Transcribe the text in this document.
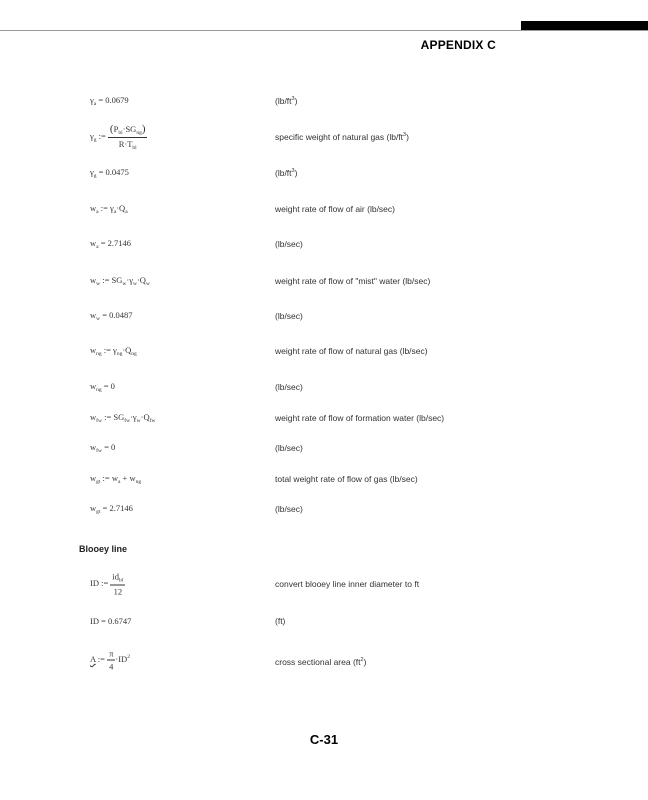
APPENDIX C
$\gamma_a = 0.0679$	$(lb/ft^3)$
$\gamma_g$ := $\frac{(P_{bl}\cdot SG_{ng})}{R\cdot T_{bl}}$	specific weight of natural gas $(lb/ft^3)$
$\gamma_g = 0.0475$	$(lb/ft^3)$
$w_a$ := $\gamma_a\cdot Q_a$	weight rate of flow of air (lb/sec)
$w_a = 2.7146$	(lb/sec)
$w_w$ := $SG_w\cdot\gamma_w\cdot Q_w$	weight rate of flow of "mist" water (lb/sec)
$w_w = 0.0487$	(lb/sec)
$w_{ng}$ := $\gamma_{ng}\cdot Q_{ng}$	weight rate of flow of natural gas (lb/sec)
$w_{ng} = 0$	(lb/sec)
$w_{fw}$ := $SG_{fw}\cdot\gamma_w\cdot Q_{fw}$	weight rate of flow of formation water (lb/sec)
$w_{fw} = 0$	(lb/sec)
$w_{gt}$ := $w_a + w_{ng}$	total weight rate of flow of gas (lb/sec)
$w_{gt} = 2.7146$	(lb/sec)
Blooey line
ID := $\frac{id_{bl}}{12}$	convert blooey line inner diameter to ft
ID = 0.6747	(ft)
A := $\frac{\pi}{4} \cdot ID^2$	cross sectional area $(ft^2)$
C-31
